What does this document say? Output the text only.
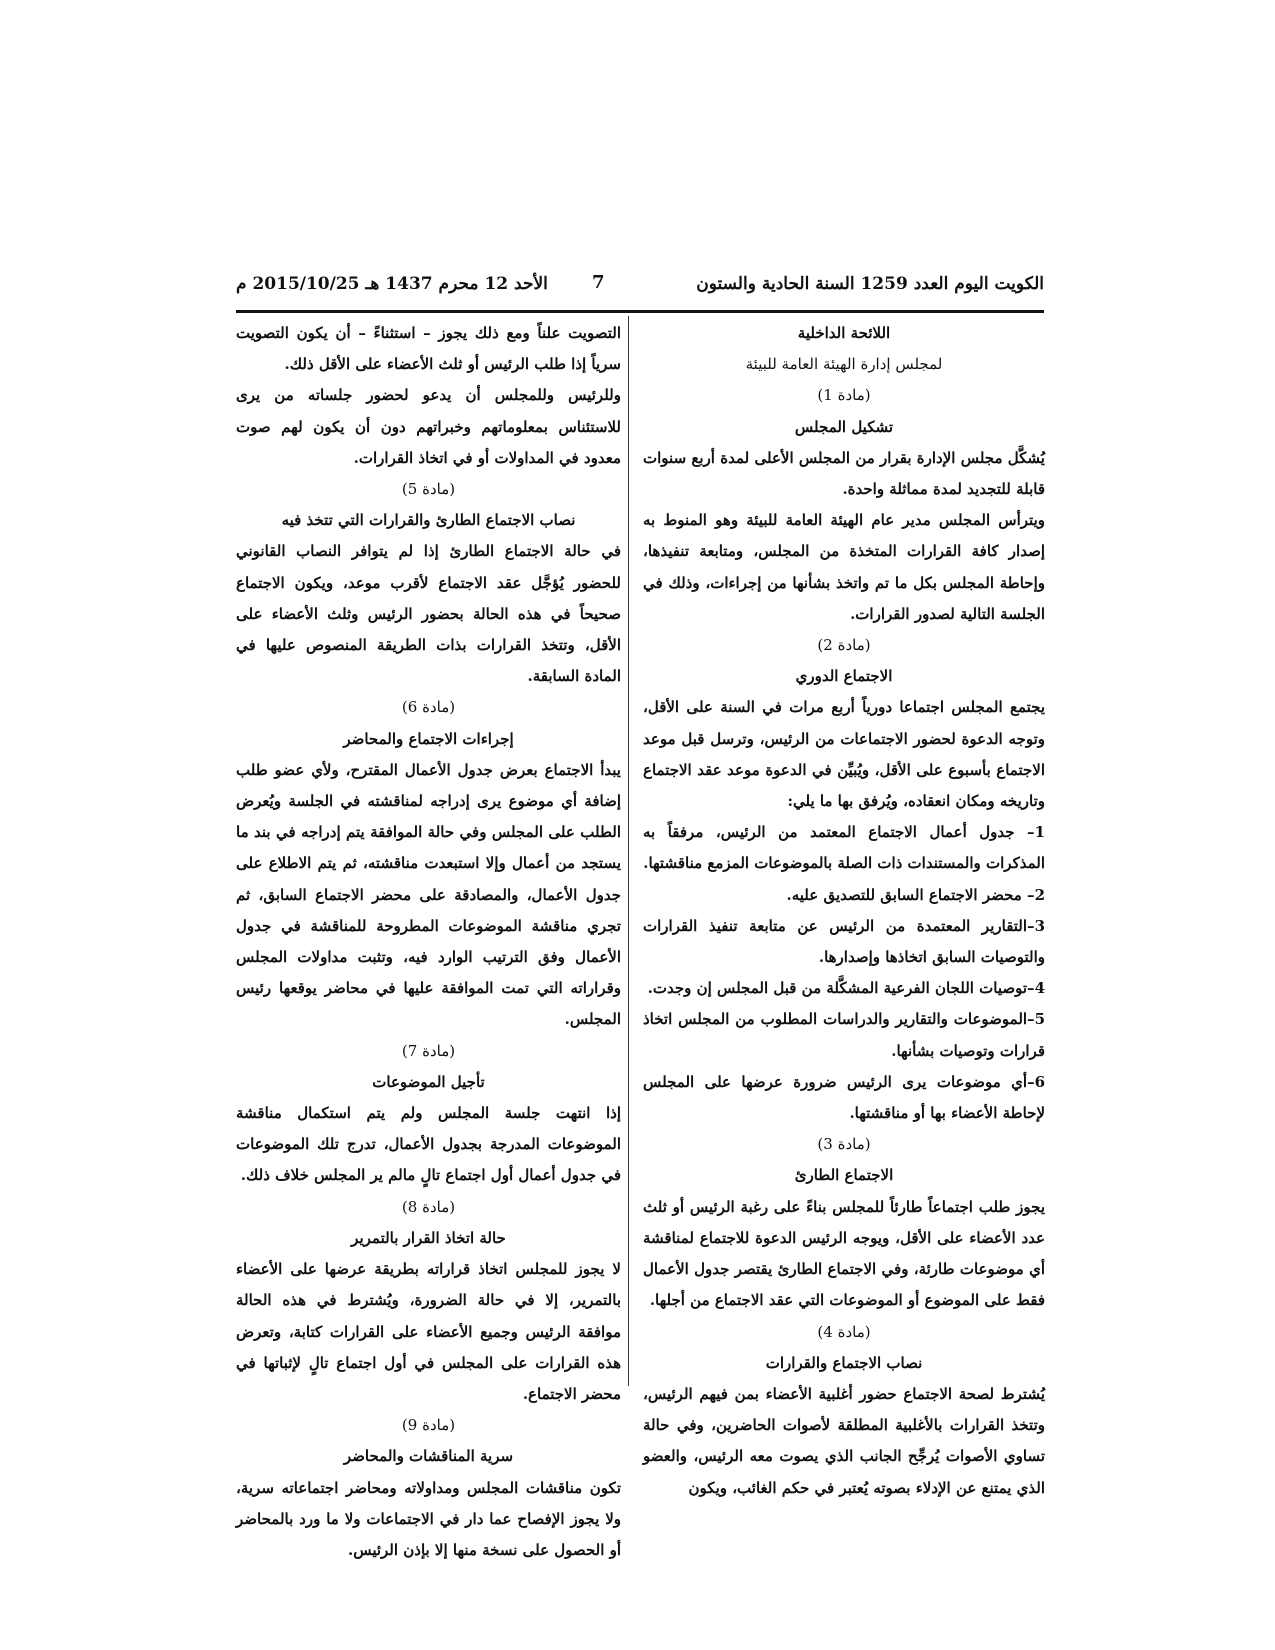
الكويت اليوم العدد 1259 السنة الحادية والستون
7
الأحد 12 محرم 1437 هـ 2015/10/25 م

اللائحة الداخلية

لمجلس إدارة الهيئة العامة للبيئة

(مادة 1)

تشكيل المجلس

يُشكَّل مجلس الإدارة بقرار من المجلس الأعلى لمدة أربع سنوات قابلة للتجديد لمدة مماثلة واحدة.

ويترأس المجلس مدير عام الهيئة العامة للبيئة وهو المنوط به إصدار كافة القرارات المتخذة من المجلس، ومتابعة تنفيذها، وإحاطة المجلس بكل ما تم واتخذ بشأنها من إجراءات، وذلك في الجلسة التالية لصدور القرارات.

(مادة 2)

الاجتماع الدوري

يجتمع المجلس اجتماعا دورياً أربع مرات في السنة على الأقل، وتوجه الدعوة لحضور الاجتماعات من الرئيس، وترسل قبل موعد الاجتماع بأسبوع على الأقل، ويُبيِّن في الدعوة موعد عقد الاجتماع وتاريخه ومكان انعقاده، ويُرفق بها ما يلي:

1– جدول أعمال الاجتماع المعتمد من الرئيس، مرفقاً به المذكرات والمستندات ذات الصلة بالموضوعات المزمع مناقشتها.

2– محضر الاجتماع السابق للتصديق عليه.

3–التقارير المعتمدة من الرئيس عن متابعة تنفيذ القرارات والتوصيات السابق اتخاذها وإصدارها.

4–توصيات اللجان الفرعية المشكَّلة من قبل المجلس إن وجدت.

5–الموضوعات والتقارير والدراسات المطلوب من المجلس اتخاذ قرارات وتوصيات بشأنها.

6–أي موضوعات يرى الرئيس ضرورة عرضها على المجلس لإحاطة الأعضاء بها أو مناقشتها.

(مادة 3)

الاجتماع الطارئ

يجوز طلب اجتماعاً طارئاً للمجلس بناءً على رغبة الرئيس أو ثلث عدد الأعضاء على الأقل، ويوجه الرئيس الدعوة للاجتماع لمناقشة أي موضوعات طارئة، وفي الاجتماع الطارئ يقتصر جدول الأعمال فقط على الموضوع أو الموضوعات التي عقد الاجتماع من أجلها.

(مادة 4)

نصاب الاجتماع والقرارات

يُشترط لصحة الاجتماع حضور أغلبية الأعضاء بمن فيهم الرئيس، وتتخذ القرارات بالأغلبية المطلقة لأصوات الحاضرين، وفي حالة تساوي الأصوات يُرجِّح الجانب الذي يصوت معه الرئيس، والعضو الذي يمتنع عن الإدلاء بصوته يُعتبر في حكم الغائب، ويكون

التصويت علناً ومع ذلك يجوز – استثناءً – أن يكون التصويت سرياً إذا طلب الرئيس أو ثلث الأعضاء على الأقل ذلك.

وللرئيس وللمجلس أن يدعو لحضور جلساته من يرى للاستئناس بمعلوماتهم وخبراتهم دون أن يكون لهم صوت معدود في المداولات أو في اتخاذ القرارات.

(مادة 5)

نصاب الاجتماع الطارئ والقرارات التي تتخذ فيه

في حالة الاجتماع الطارئ إذا لم يتوافر النصاب القانوني للحضور يُؤجَّل عقد الاجتماع لأقرب موعد، ويكون الاجتماع صحيحاً في هذه الحالة بحضور الرئيس وثلث الأعضاء على الأقل، وتتخذ القرارات بذات الطريقة المنصوص عليها في المادة السابقة.

(مادة 6)

إجراءات الاجتماع والمحاضر

يبدأ الاجتماع بعرض جدول الأعمال المقترح، ولأي عضو طلب إضافة أي موضوع يرى إدراجه لمناقشته في الجلسة ويُعرض الطلب على المجلس وفي حالة الموافقة يتم إدراجه في بند ما يستجد من أعمال وإلا استبعدت مناقشته، ثم يتم الاطلاع على جدول الأعمال، والمصادقة على محضر الاجتماع السابق، ثم تجري مناقشة الموضوعات المطروحة للمناقشة في جدول الأعمال وفق الترتيب الوارد فيه، وتثبت مداولات المجلس وقراراته التي تمت الموافقة عليها في محاضر يوقعها رئيس المجلس.

(مادة 7)

تأجيل الموضوعات

إذا انتهت جلسة المجلس ولم يتم استكمال مناقشة الموضوعات المدرجة بجدول الأعمال، تدرج تلك الموضوعات في جدول أعمال أول اجتماع تالٍ مالم ير المجلس خلاف ذلك.

(مادة 8)

حالة اتخاذ القرار بالتمرير

لا يجوز للمجلس اتخاذ قراراته بطريقة عرضها على الأعضاء بالتمرير، إلا في حالة الضرورة، ويُشترط في هذه الحالة موافقة الرئيس وجميع الأعضاء على القرارات كتابة، وتعرض هذه القرارات على المجلس في أول اجتماع تالٍ لإثباتها في محضر الاجتماع.

(مادة 9)

سرية المناقشات والمحاضر

تكون مناقشات المجلس ومداولاته ومحاضر اجتماعاته سرية، ولا يجوز الإفصاح عما دار في الاجتماعات ولا ما ورد بالمحاضر أو الحصول على نسخة منها إلا بإذن الرئيس.
